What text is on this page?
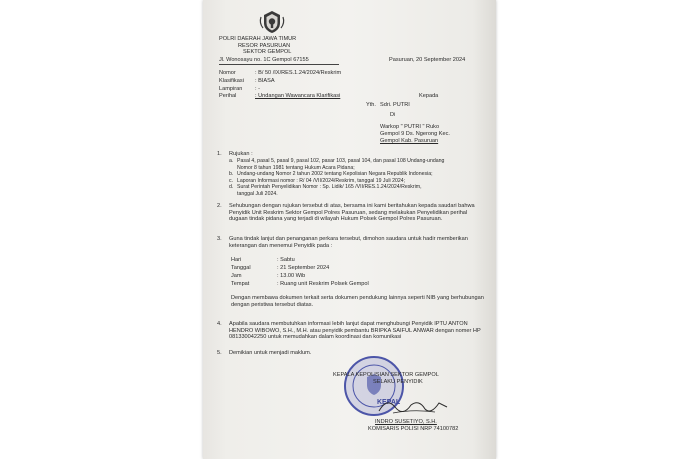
POLRI DAERAH JAWA TIMUR
RESOR PASURUAN
SEKTOR GEMPOL
Jl. Wonosayu no. 1C Gempol 67155	Pasuruan, 20 September 2024
Nomor	: B/ 50 /IX/RES.1.24/2024/Reskrim
Klasifikasi : BIASA
Lampiran : -
Perihal	: Undangan Wawancara Klarifikasi	Kepada
Yth. Sdri. PUTRI
Di
Warkop " PUTRI " Ruko
Gempol 9 Ds. Ngerong Kec.
Gempol Kab. Pasuruan
1. Rujukan :
a. Pasal 4, pasal 5, pasal 9, pasal 102, pasar 103, pasal 104, dan pasal 108 Undang-undang
Nomor 8 tahun 1981 tentang Hukum Acara Pidana;
b. Undang-undang Nomor 2 tahun 2002 tentang Kepolisian Negara Republik Indonesia;
c. Laporan Informasi nomor : R/ 04 /VII/2024/Reskrim, tanggal 19 Juli 2024;
d. Surat Perintah Penyelidikan Nomor : Sp. Lidik/ 165 /VII/RES.1.24/2024/Reskrim,
tanggal Juli 2024.
2. Sehubungan dengan rujukan tersebut di atas, bersama ini kami beritahukan kepada saudari bahwa Penyidik Unit Reskrim Sektor Gempol Polres Pasuruan, sedang melakukan Penyelidikan perihal dugaan tindak pidana yang terjadi di wilayah Hukum Polsek Gempol Polres Pasuruan.
3. Guna tindak lanjut dan penanganan perkara tersebut, dimohon saudara untuk hadir memberikan keterangan dan menemui Penyidik pada :
Hari	: Sabtu
Tanggal	: 21 September 2024
Jam	: 13.00 Wib
Tempat	: Ruang unit Reskrim Polsek Gempol
Dengan membawa dokumen terkait serta dokumen pendukung lainnya seperti NIB yang berhubungan dengan peristiwa tersebut diatas.
4. Apabila saudara membutuhkan informasi lebih lanjut dapat menghubungi Penyidik IPTU ANTON HENDRO WIBOWO, S.H., M.H. atau penyidik pembantu BRIPKA SAIFUL ANWAR dengan nomer HP 081330042250 untuk memudahkan dalam koordinasi dan komunikasi
5. Demikian untuk menjadi maklum.
KEPAL
KEPALA KEPOLISIAN SEKTOR GEMPOL
SELAKU PENYIDIK
INDRO SUSETIYO, S.H.
KOMISARIS POLISI NRP 74100782
